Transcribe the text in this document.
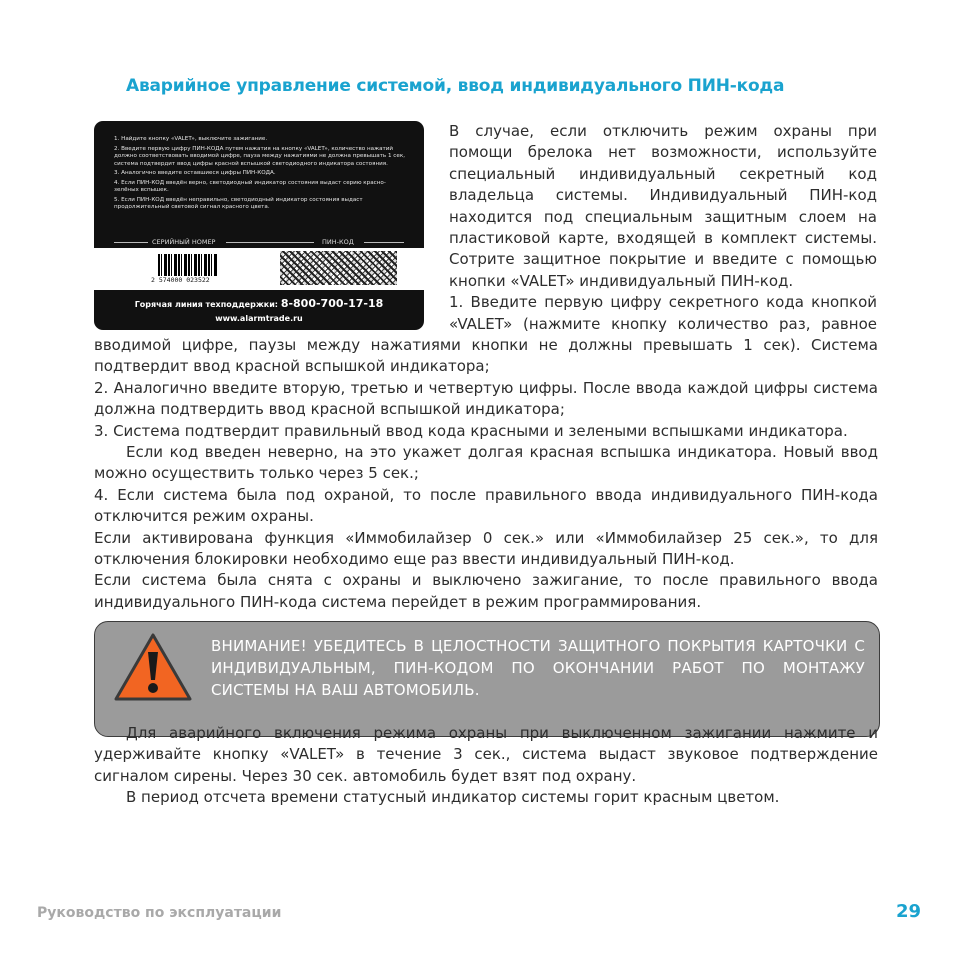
Аварийное управление системой, ввод индивидуального ПИН-кода

1. Найдите кнопку «VALET», выключите зажигание.

2. Введите первую цифру ПИН-КОДА путем нажатия на кнопку «VALET», количество нажатий должно соответствовать вводимой цифре, пауза между нажатиями не должна превышать 1 сек, система подтвердит ввод цифры красной вспышкой светодиодного индикатора состояния.

3. Аналогично введите оставшиеся цифры ПИН-КОДА.

4. Если ПИН-КОД введён верно, светодиодный индикатор состояния выдаст серию красно-зелёных вспышек.

5. Если ПИН-КОД введён неправильно, светодиодный индикатор состояния выдаст продолжительный световой сигнал красного цвета.

СЕРИЙНЫЙ НОМЕР	ПИН-КОД
2 574000 023522
Горячая линия техподдержки: 8-800-700-17-18
www.alarmtrade.ru
В случае, если отключить режим охраны при
помощи брелока нет возможности, используйте
специальный индивидуальный секретный код
владельца системы. Индивидуальный ПИН-код
находится под специальным защитным слоем на
пластиковой карте, входящей в комплект системы.
Сотрите защитное покрытие и введите с помощью
кнопки «VALET» индивидуальный ПИН-код.
1. Введите первую цифру секретного кода кнопкой
«VALET» (нажмите кнопку количество раз, равное

вводимой цифре, паузы между нажатиями кнопки не должны превышать 1 сек). Система подтвердит ввод красной вспышкой индикатора;

2. Аналогично введите вторую, третью и четвертую цифры. После ввода каждой цифры система должна подтвердить ввод красной вспышкой индикатора;

3. Система подтвердит правильный ввод кода красными и зелеными вспышками индикатора.

Если код введен неверно, на это укажет долгая красная вспышка индикатора. Новый ввод можно осуществить только через 5 сек.;

4. Если система была под охраной, то после правильного ввода индивидуального ПИН-кода отключится режим охраны.

Если активирована функция «Иммобилайзер 0 сек.» или «Иммобилайзер 25 сек.», то для отключения блокировки необходимо еще раз ввести индивидуальный ПИН-код.

Если система была снята с охраны и выключено зажигание, то после правильного ввода индивидуального ПИН-кода система перейдет в режим программирования.

ВНИМАНИЕ! УБЕДИТЕСЬ В ЦЕЛОСТНОСТИ ЗАЩИТНОГО ПОКРЫТИЯ КАРТОЧКИ С ИНДИВИДУАЛЬНЫМ, ПИН-КОДОМ ПО ОКОНЧАНИИ РАБОТ ПО МОНТАЖУ СИСТЕМЫ НА ВАШ АВТОМОБИЛЬ.

Для аварийного включения режима охраны при выключенном зажигании нажмите и удерживайте кнопку «VALET» в течение 3 сек., система выдаст звуковое подтверждение сигналом сирены. Через 30 сек. автомобиль будет взят под охрану.

В период отсчета времени статусный индикатор системы горит красным цветом.

Руководство по эксплуатации	29
